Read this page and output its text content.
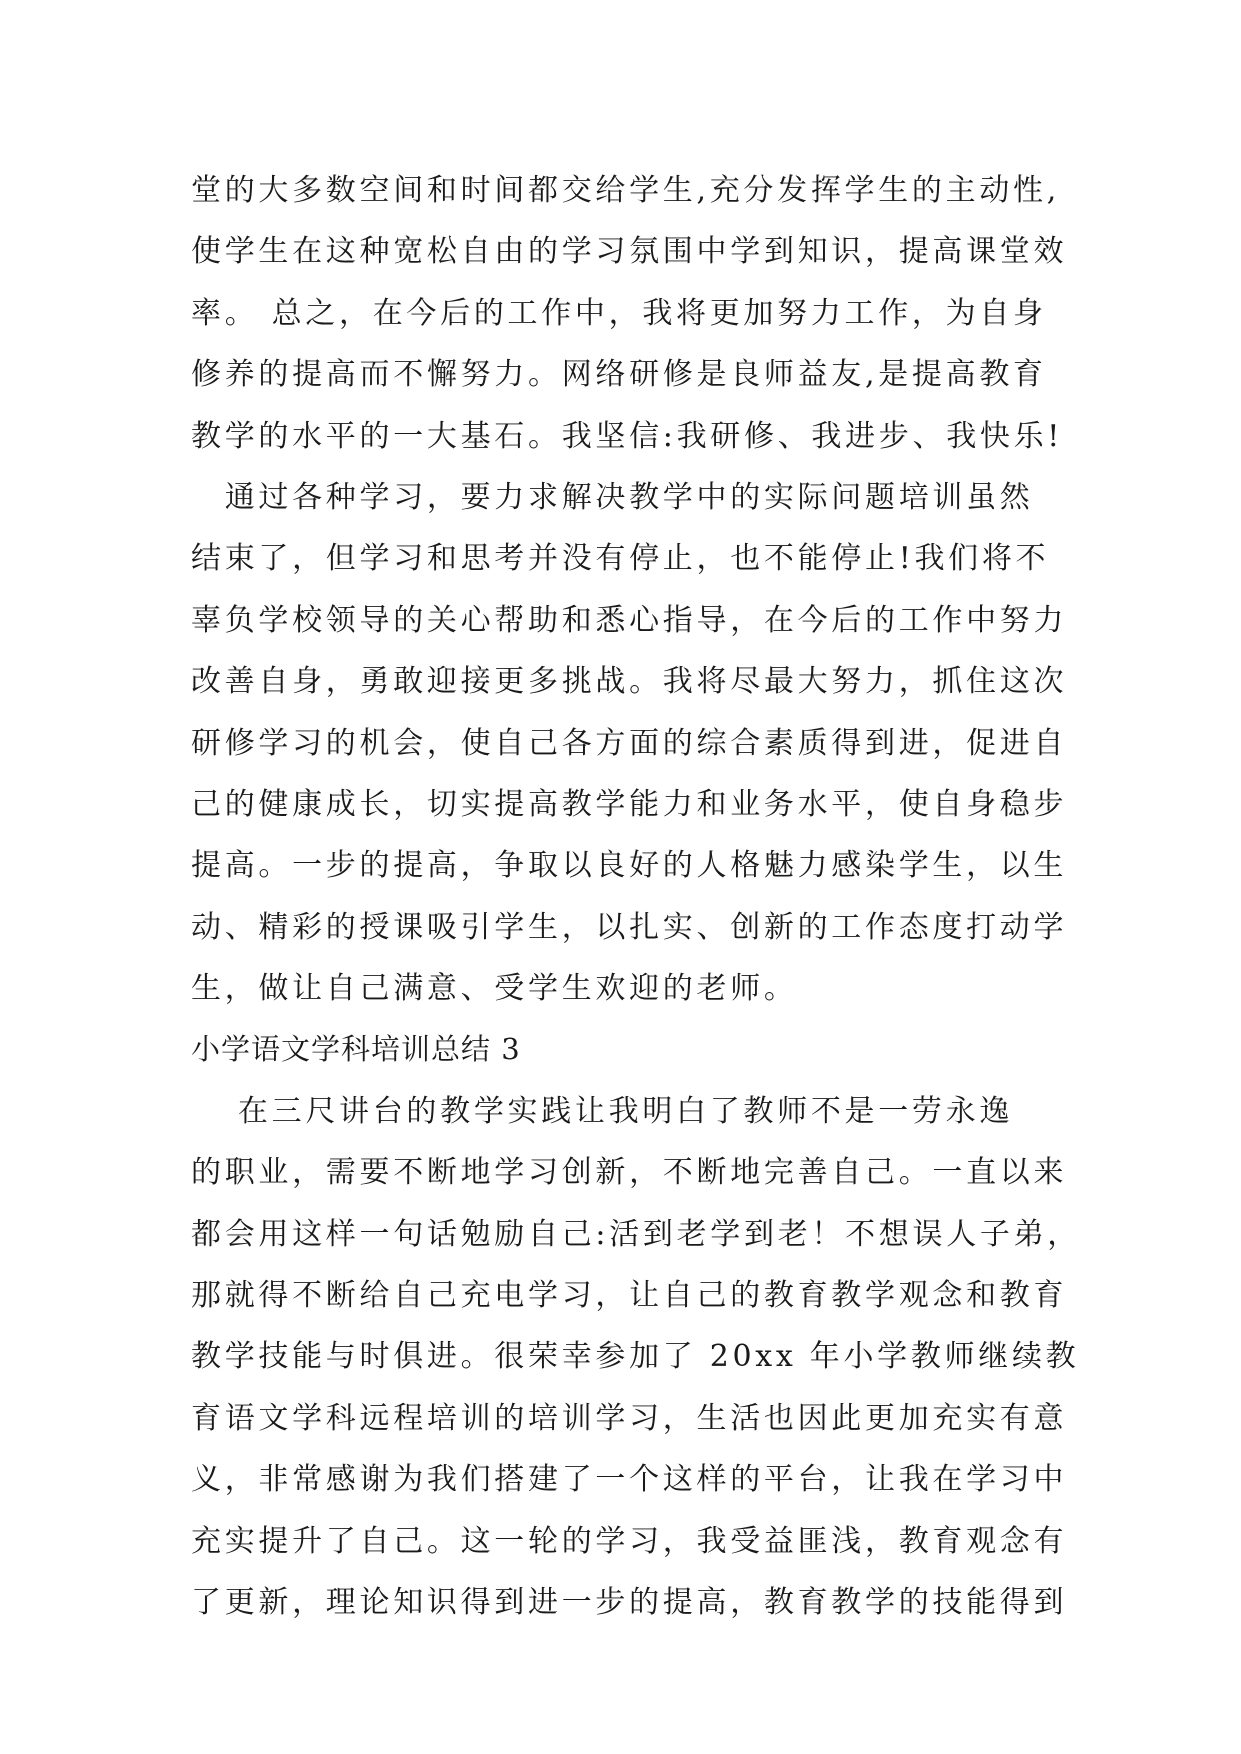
堂的大多数空间和时间都交给学生,充分发挥学生的主动性,
使学生在这种宽松自由的学习氛围中学到知识，提高课堂效
率。 总之，在今后的工作中，我将更加努力工作，为自身
修养的提高而不懈努力。网络研修是良师益友,是提高教育
教学的水平的一大基石。我坚信:我研修、我进步、我快乐!
　通过各种学习，要力求解决教学中的实际问题培训虽然
结束了，但学习和思考并没有停止，也不能停止!我们将不
辜负学校领导的关心帮助和悉心指导，在今后的工作中努力
改善自身，勇敢迎接更多挑战。我将尽最大努力，抓住这次
研修学习的机会，使自己各方面的综合素质得到进，促进自
己的健康成长，切实提高教学能力和业务水平，使自身稳步
提高。一步的提高，争取以良好的人格魅力感染学生，以生
动、精彩的授课吸引学生，以扎实、创新的工作态度打动学
生，做让自己满意、受学生欢迎的老师。
小学语文学科培训总结 3
　 在三尺讲台的教学实践让我明白了教师不是一劳永逸
的职业，需要不断地学习创新，不断地完善自己。一直以来
都会用这样一句话勉励自己:活到老学到老！不想误人子弟，
那就得不断给自己充电学习，让自己的教育教学观念和教育
教学技能与时俱进。很荣幸参加了 20xx 年小学教师继续教
育语文学科远程培训的培训学习，生活也因此更加充实有意
义，非常感谢为我们搭建了一个这样的平台，让我在学习中
充实提升了自己。这一轮的学习，我受益匪浅，教育观念有
了更新，理论知识得到进一步的提高，教育教学的技能得到
